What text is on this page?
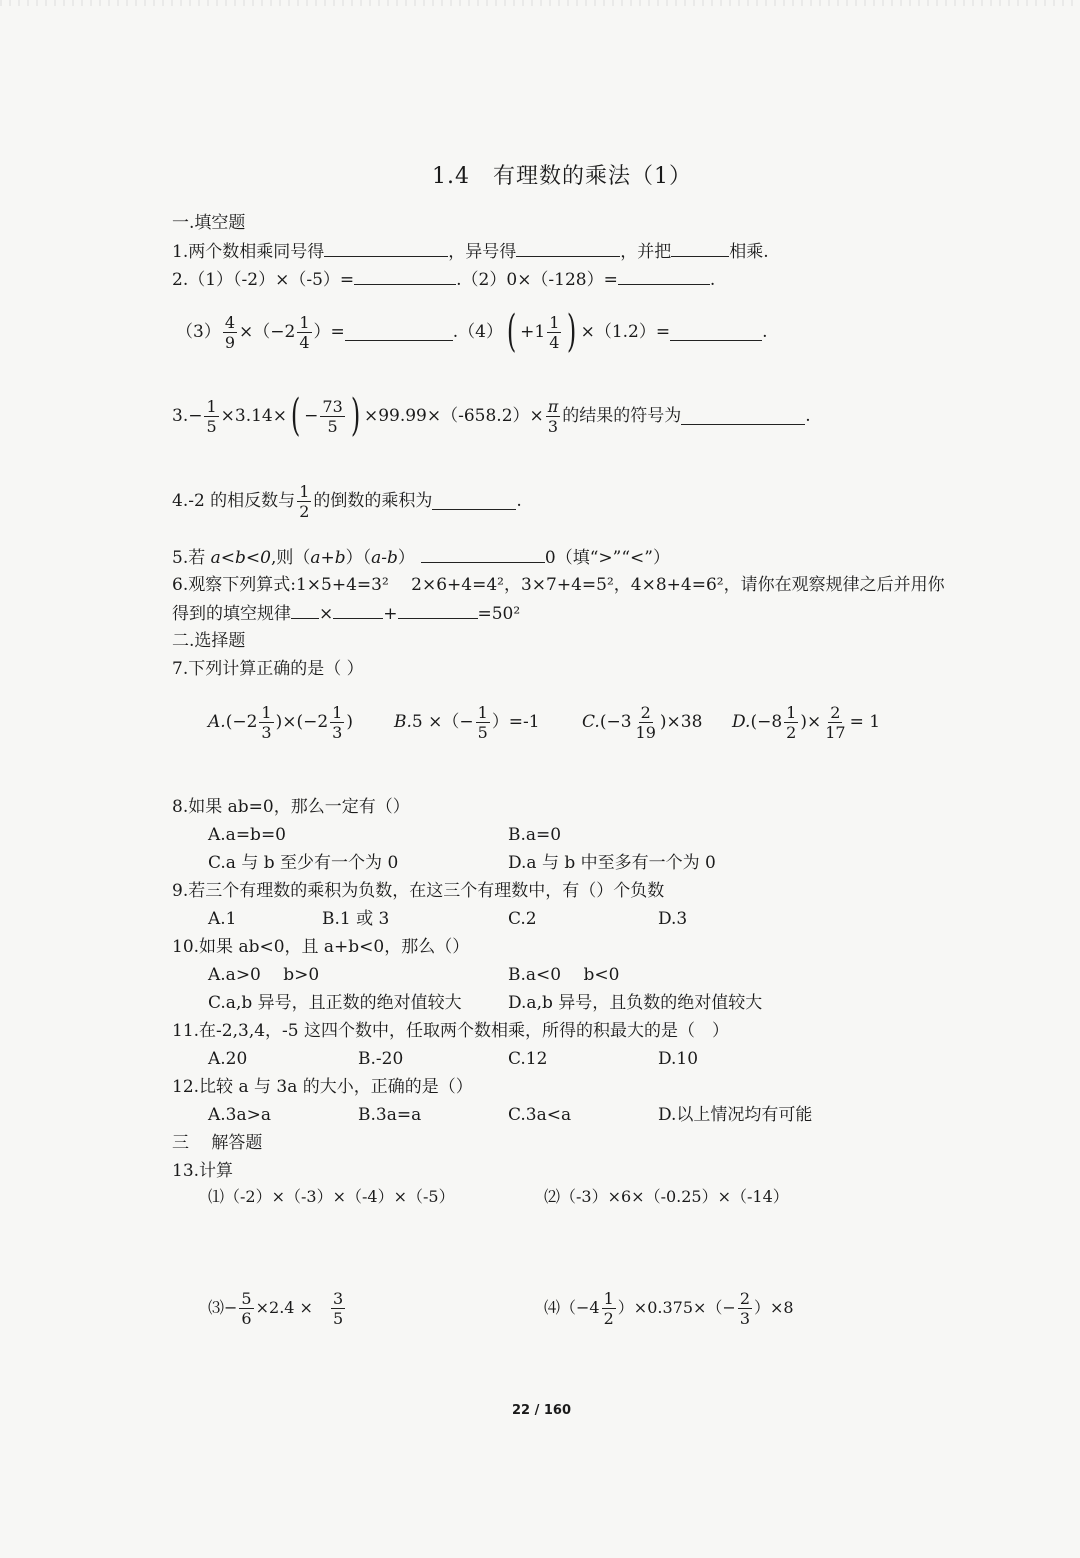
1.4　有理数的乘法（1）
一.填空题
1.两个数相乘同号得	，异号得	，并把	相乘.
2.（1）（-2）×（-5）=	.（2）0×（-128）=	.
$(3) \frac{4}{9} \times(-2 \frac{1}{4}$ ）=	.（4） ( $+1 \frac{1}{4}$ ) ×（1.2）=	.
$3.- \frac{1}{5} \times 3.14\times$ ( − $\frac{73}{5}$ ) $\times 99.99\times(-658.2)\times \frac{\pi}{3}$ 的结果的符号为	.
4.-2 的相反数与 $\frac{1}{2}$ 的倒数的乘积为	.
5.若 a<b<0,则（a+b）（a-b）	0（填“>”“<”）
6.观察下列算式:1×5+4=3² 　2×6+4=4²，3×7+4=5²，4×8+4=6²，请你在观察规律之后并用你
得到的填空规律 ×	+	=50²
二.选择题
7.下列计算正确的是（ ）
A. $(-2 \frac{1}{3} )\times(-2 \frac{1}{3}$ ) B. 5 ×（− $\frac{1}{5} )=-1$ C. $(-3 \frac{2}{19} )\times 38$ D. ($-8 \frac{1}{2}$ )× $\frac{2}{17} = 1$
8.如果 ab=0，那么一定有（）
A.a=b=0	B.a=0
C.a 与 b 至少有一个为 0	D.a 与 b 中至多有一个为 0
9.若三个有理数的乘积为负数，在这三个有理数中，有（）个负数
A.1	B.1 或 3	C.2	D.3
10.如果 ab<0，且 a+b<0，那么（）
A.a>0　 b>0	B.a<0　 b<0
C.a,b 异号，且正数的绝对值较大	D.a,b 异号，且负数的绝对值较大
11.在-2,3,4，-5 这四个数中，任取两个数相乘，所得的积最大的是（　）
A.20	B.-20	C.12	D.10
12.比较 a 与 3a 的大小，正确的是（）
A.3a>a	B.3a=a	C.3a<a	D.以上情况均有可能
三　 解答题
13.计算
⑴（-2）×（-3）×（-4）×（-5）	⑵（-3）×6×（-0.25）×（-14）
⑶− $\frac{5}{6} \times 2.4 \times \frac{3}{5}$	⑷（−4 $\frac{1}{2} )\times 0.375\times(- \frac{2}{3} )\times 8$
22 / 160
